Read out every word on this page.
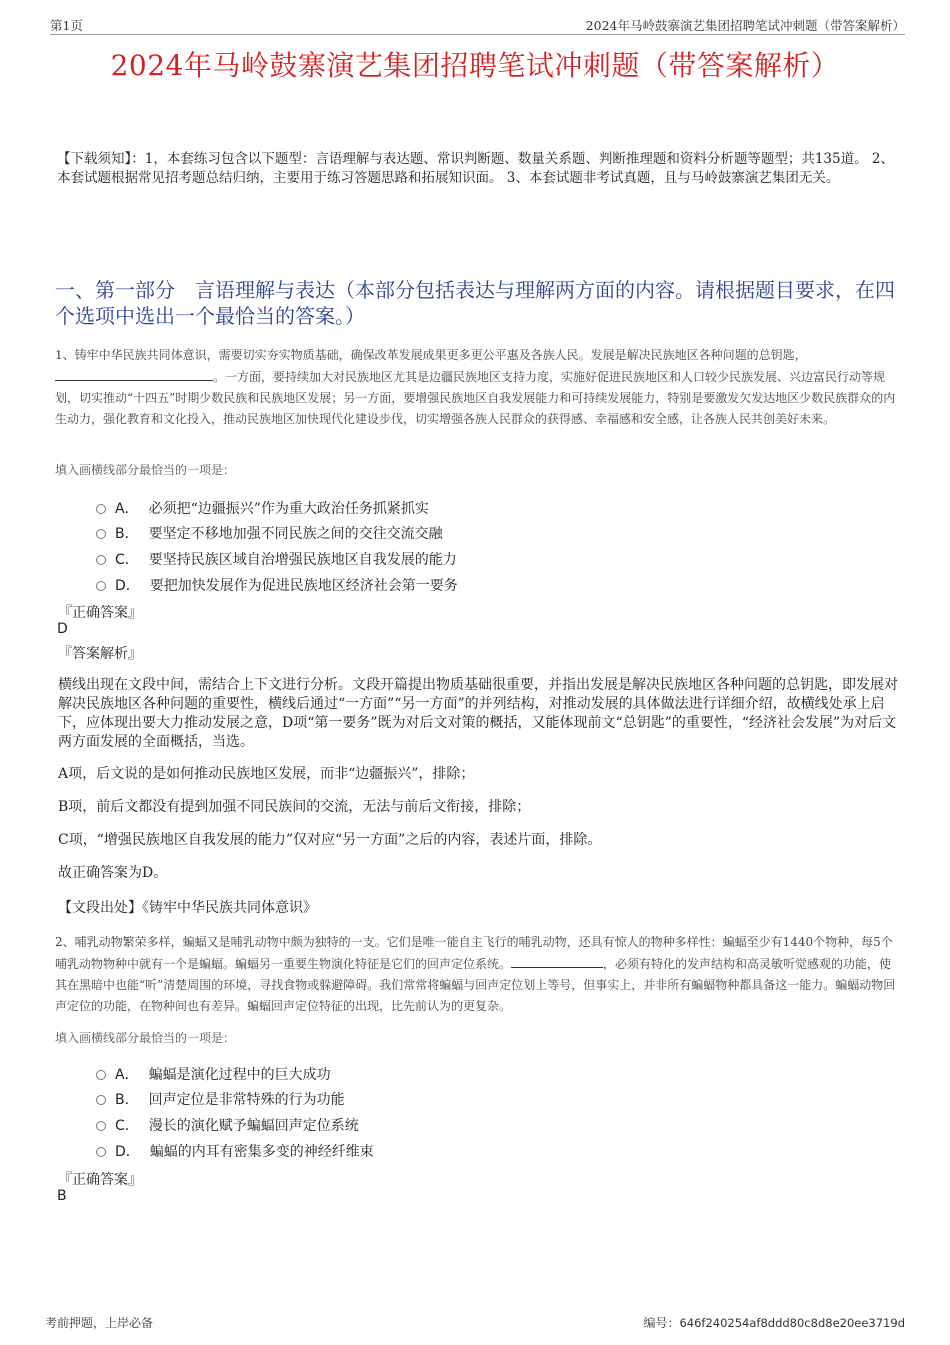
第1页	2024年马岭鼓寨演艺集团招聘笔试冲刺题（带答案解析）
2024年马岭鼓寨演艺集团招聘笔试冲刺题（带答案解析）
【下载须知】：1，本套练习包含以下题型：言语理解与表达题、常识判断题、数量关系题、判断推理题和资料分析题等题型；共135道。 2、本套试题根据常见招考题总结归纳，主要用于练习答题思路和拓展知识面。 3、本套试题非考试真题，且与马岭鼓寨演艺集团无关。
一、第一部分　言语理解与表达（本部分包括表达与理解两方面的内容。请根据题目要求，在四个选项中选出一个最恰当的答案。）
1、铸牢中华民族共同体意识，需要切实夯实物质基础，确保改革发展成果更多更公平惠及各族人民。发展是解决民族地区各种问题的总钥匙，。一方面，要持续加大对民族地区尤其是边疆民族地区支持力度，实施好促进民族地区和人口较少民族发展、兴边富民行动等规划，切实推动“十四五”时期少数民族和民族地区发展；另一方面，要增强民族地区自我发展能力和可持续发展能力，特别是要激发欠发达地区少数民族群众的内生动力，强化教育和文化投入，推动民族地区加快现代化建设步伐，切实增强各族人民群众的获得感、幸福感和安全感，让各族人民共创美好未来。
填入画横线部分最恰当的一项是：
A． 必须把“边疆振兴”作为重大政治任务抓紧抓实
B． 要坚定不移地加强不同民族之间的交往交流交融
C． 要坚持民族区域自治增强民族地区自我发展的能力
D． 要把加快发展作为促进民族地区经济社会第一要务
『正确答案』
D
『答案解析』
横线出现在文段中间，需结合上下文进行分析。文段开篇提出物质基础很重要，并指出发展是解决民族地区各种问题的总钥匙，即发展对解决民族地区各种问题的重要性，横线后通过“一方面”“另一方面”的并列结构，对推动发展的具体做法进行详细介绍，故横线处承上启下，应体现出要大力推动发展之意，D项“第一要务”既为对后文对策的概括，又能体现前文“总钥匙”的重要性，“经济社会发展”为对后文两方面发展的全面概括，当选。
A项，后文说的是如何推动民族地区发展，而非“边疆振兴”，排除；
B项，前后文都没有提到加强不同民族间的交流，无法与前后文衔接，排除；
C项，“增强民族地区自我发展的能力”仅对应“另一方面”之后的内容，表述片面，排除。
故正确答案为D。
【文段出处】《铸牢中华民族共同体意识》
2、哺乳动物繁荣多样，蝙蝠又是哺乳动物中颇为独特的一支。它们是唯一能自主飞行的哺乳动物，还具有惊人的物种多样性：蝙蝠至少有1440个物种，每5个哺乳动物物种中就有一个是蝙蝠。蝙蝠另一重要生物演化特征是它们的回声定位系统。	，必须有特化的发声结构和高灵敏听觉感观的功能，使其在黑暗中也能“听”清楚周围的环境，寻找食物或躲避障碍。我们常常将蝙蝠与回声定位划上等号，但事实上，并非所有蝙蝠物种都具备这一能力。蝙蝠动物回声定位的功能，在物种间也有差异。蝙蝠回声定位特征的出现，比先前认为的更复杂。
填入画横线部分最恰当的一项是：
A． 蝙蝠是演化过程中的巨大成功
B． 回声定位是非常特殊的行为功能
C． 漫长的演化赋予蝙蝠回声定位系统
D． 蝙蝠的内耳有密集多变的神经纤维束
『正确答案』
B
考前押题，上岸必备	编号：646f240254af8ddd80c8d8e20ee3719d
